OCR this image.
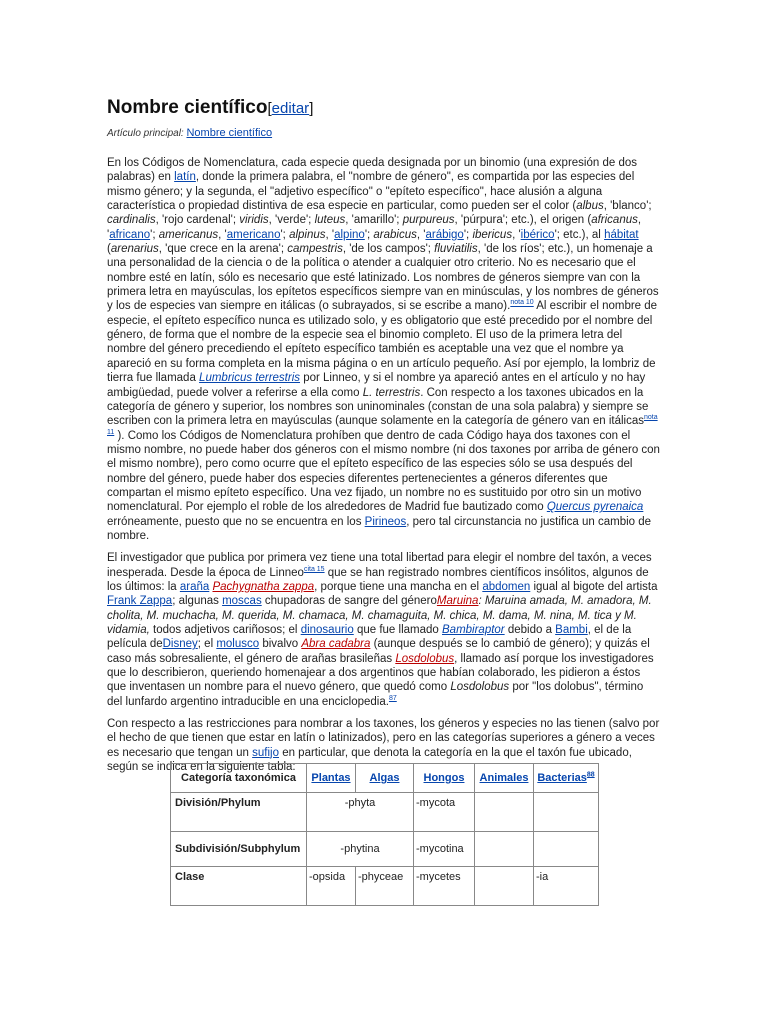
Nombre científico[editar]
Artículo principal: Nombre científico

En los Códigos de Nomenclatura, cada especie queda designada por un binomio (una expresión de dos palabras) en latín, donde la primera palabra, el "nombre de género", es compartida por las especies del mismo género; y la segunda, el "adjetivo específico" o "epíteto específico", hace alusión a alguna característica o propiedad distintiva de esa especie en particular, como pueden ser el color (albus, 'blanco'; cardinalis, 'rojo cardenal'; viridis, 'verde'; luteus, 'amarillo'; purpureus, 'púrpura'; etc.), el origen (africanus, 'africano'; americanus, 'americano'; alpinus, 'alpino'; arabicus, 'arábigo'; ibericus, 'ibérico'; etc.), al hábitat (arenarius, 'que crece en la arena'; campestris, 'de los campos'; fluviatilis, 'de los ríos'; etc.), un homenaje a una personalidad de la ciencia o de la política o atender a cualquier otro criterio. No es necesario que el nombre esté en latín, sólo es necesario que esté latinizado. Los nombres de géneros siempre van con la primera letra en mayúsculas, los epítetos específicos siempre van en minúsculas, y los nombres de géneros y los de especies van siempre en itálicas (o subrayados, si se escribe a mano).$^{nota 10}$ Al escribir el nombre de especie, el epíteto específico nunca es utilizado solo, y es obligatorio que esté precedido por el nombre del género, de forma que el nombre de la especie sea el binomio completo. El uso de la primera letra del nombre del género precediendo el epíteto específico también es aceptable una vez que el nombre ya apareció en su forma completa en la misma página o en un artículo pequeño. Así por ejemplo, la lombriz de tierra fue llamada Lumbricus terrestris por Linneo, y si el nombre ya apareció antes en el artículo y no hay ambigüedad, puede volver a referirse a ella como L. terrestris. Con respecto a los taxones ubicados en la categoría de género y superior, los nombres son uninominales (constan de una sola palabra) y siempre se escriben con la primera letra en mayúsculas (aunque solamente en la categoría de género van en itálicas$^{nota 11}$ ). Como los Códigos de Nomenclatura prohíben que dentro de cada Código haya dos taxones con el mismo nombre, no puede haber dos géneros con el mismo nombre (ni dos taxones por arriba de género con el mismo nombre), pero como ocurre que el epíteto específico de las especies sólo se usa después del nombre del género, puede haber dos especies diferentes pertenecientes a géneros diferentes que compartan el mismo epíteto específico. Una vez fijado, un nombre no es sustituido por otro sin un motivo nomenclatural. Por ejemplo el roble de los alrededores de Madrid fue bautizado como Quercus pyrenaica erróneamente, puesto que no se encuentra en los Pirineos, pero tal circunstancia no justifica un cambio de nombre.

El investigador que publica por primera vez tiene una total libertad para elegir el nombre del taxón, a veces inesperada. Desde la época de Linneo$^{cita 15}$ que se han registrado nombres científicos insólitos, algunos de los últimos: la araña Pachygnatha zappa, porque tiene una mancha en el abdomen igual al bigote del artista Frank Zappa; algunas moscas chupadoras de sangre del géneroMaruina: Maruina amada, M. amadora, M. cholita, M. muchacha, M. querida, M. chamaca, M. chamaguita, M. chica, M. dama, M. nina, M. tica y M. vidamia, todos adjetivos cariñosos; el dinosaurio que fue llamado Bambiraptor debido a Bambi, el de la película deDisney; el molusco bivalvo Abra cadabra (aunque después se lo cambió de género); y quizás el caso más sobresaliente, el género de arañas brasileñas Losdolobus, llamado así porque los investigadores que lo describieron, queriendo homenajear a dos argentinos que habían colaborado, les pidieron a éstos que inventasen un nombre para el nuevo género, que quedó como Losdolobus por "los dolobus", término del lunfardo argentino intraducible en una enciclopedia.$^{87}$

Con respecto a las restricciones para nombrar a los taxones, los géneros y especies no las tienen (salvo por el hecho de que tienen que estar en latín o latinizados), pero en las categorías superiores a género a veces es necesario que tengan un sufijo en particular, que denota la categoría en la que el taxón fue ubicado, según se indica en la siguiente tabla:

Categoría taxonómica	Plantas	Algas	Hongos	Animales	Bacterias$^{88}$
División/Phylum	-phyta		-mycota		
Subdivisión/Subphylum	-phytina		-mycotina		
Clase	-opsida	-phyceae	-mycetes		-ia
